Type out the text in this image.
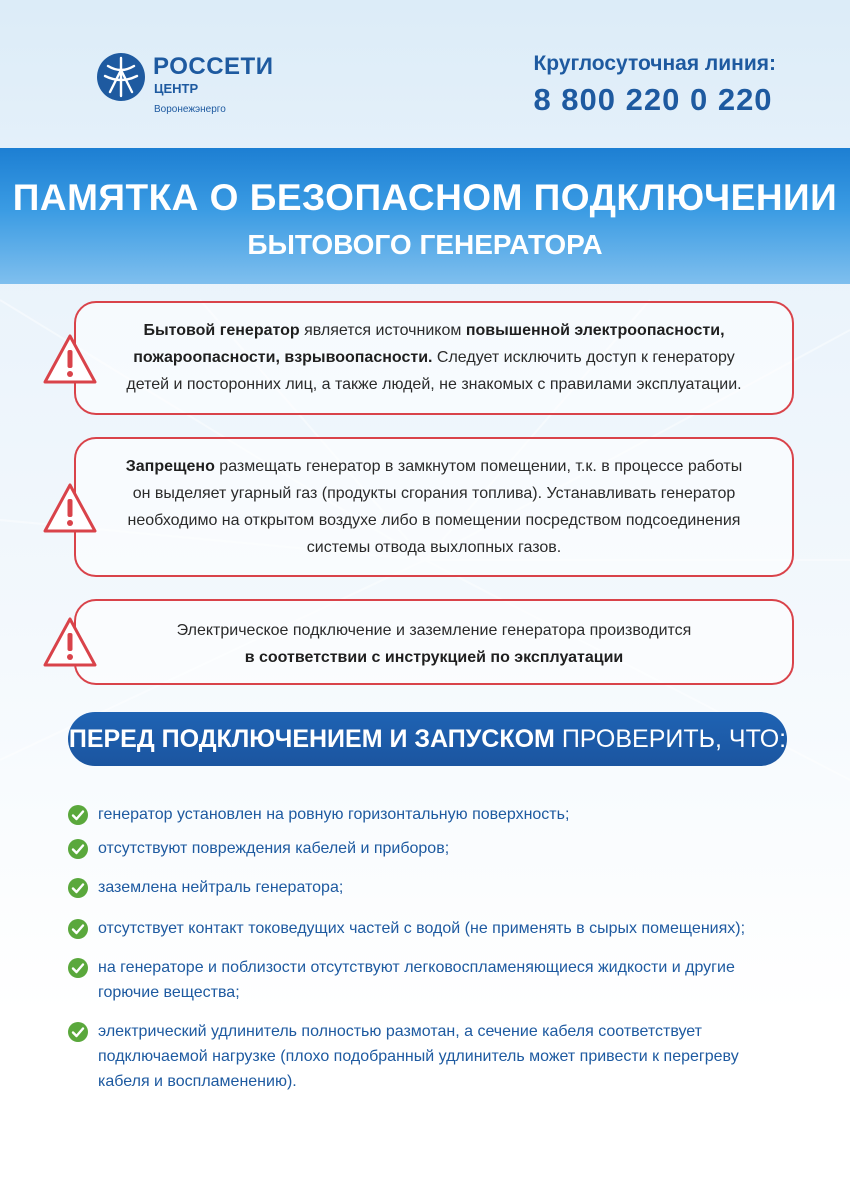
РОССЕТИ
ЦЕНТР
Воронежэнерго
Круглосуточная линия:
8 800 220 0 220
ПАМЯТКА О БЕЗОПАСНОМ ПОДКЛЮЧЕНИИ
БЫТОВОГО ГЕНЕРАТОРА
Бытовой генератор является источником повышенной электроопасности,
пожароопасности, взрывоопасности. Следует исключить доступ к генератору
детей и посторонних лиц, а также людей, не знакомых с правилами эксплуатации.
Запрещено размещать генератор в замкнутом помещении, т.к. в процессе работы
он выделяет угарный газ (продукты сгорания топлива). Устанавливать генератор
необходимо на открытом воздухе либо в помещении посредством подсоединения
системы отвода выхлопных газов.
Электрическое подключение и заземление генератора производится
в соответствии с инструкцией по эксплуатации
ПЕРЕД ПОДКЛЮЧЕНИЕМ И ЗАПУСКОМ ПРОВЕРИТЬ, ЧТО:
генератор установлен на ровную горизонтальную поверхность;
отсутствуют повреждения кабелей и приборов;
заземлена нейтраль генератора;
отсутствует контакт токоведущих частей с водой (не применять в сырых помещениях);
на генераторе и поблизости отсутствуют легковоспламеняющиеся жидкости и другие
горючие вещества;
электрический удлинитель полностью размотан, а сечение кабеля соответствует
подключаемой нагрузке (плохо подобранный удлинитель может привести к перегреву
кабеля и воспламенению).
